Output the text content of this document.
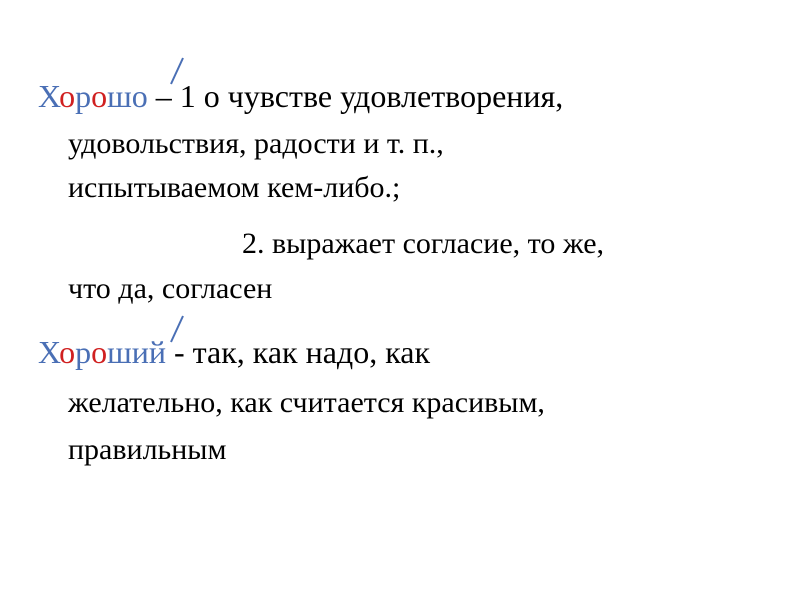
Хорошо – 1 о чувстве удовлетворения,
удовольствия, радости и т. п.,
испытываемом кем-либо.;
2. выражает согласие, то же,
что да, согласен
Хороший - так, как надо, как
желательно, как считается красивым,
правильным
